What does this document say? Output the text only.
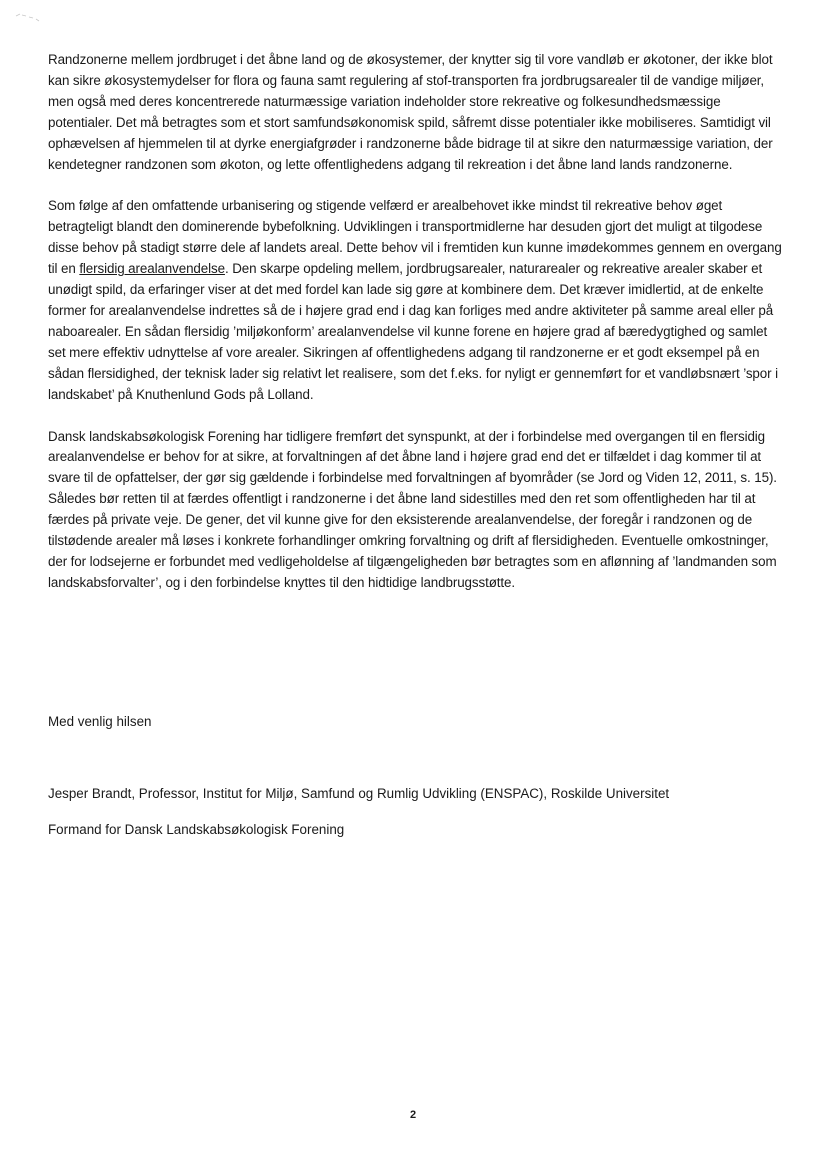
Randzonerne mellem jordbruget i det åbne land og de økosystemer, der knytter sig til vore vandløb er økotoner, der ikke blot kan sikre økosystemydelser for flora og fauna samt regulering af stof-transporten fra jordbrugsarealer til de vandige miljøer, men også med deres koncentrerede naturmæssige variation indeholder store rekreative og folkesundhedsmæssige potentialer. Det må betragtes som et stort samfundsøkonomisk spild, såfremt disse potentialer ikke mobiliseres. Samtidigt vil ophævelsen af hjemmelen til at dyrke energiafgrøder i randzonerne både bidrage til at sikre den naturmæssige variation, der kendetegner randzonen som økoton, og lette offentlighedens adgang til rekreation i det åbne land lands randzonerne.

Som følge af den omfattende urbanisering og stigende velfærd er arealbehovet ikke mindst til rekreative behov øget betragteligt blandt den dominerende bybefolkning. Udviklingen i transportmidlerne har desuden gjort det muligt at tilgodese disse behov på stadigt større dele af landets areal. Dette behov vil i fremtiden kun kunne imødekommes gennem en overgang til en flersidig arealanvendelse. Den skarpe opdeling mellem, jordbrugsarealer, naturarealer og rekreative arealer skaber et unødigt spild, da erfaringer viser at det med fordel kan lade sig gøre at kombinere dem. Det kræver imidlertid, at de enkelte former for arealanvendelse indrettes så de i højere grad end i dag kan forliges med andre aktiviteter på samme areal eller på naboarealer. En sådan flersidig ’miljøkonform’ arealanvendelse vil kunne forene en højere grad af bæredygtighed og samlet set mere effektiv udnyttelse af vore arealer. Sikringen af offentlighedens adgang til randzonerne er et godt eksempel på en sådan flersidighed, der teknisk lader sig relativt let realisere, som det f.eks. for nyligt er gennemført for et vandløbsnært ’spor i landskabet’ på Knuthenlund Gods på Lolland.

Dansk landskabsøkologisk Forening har tidligere fremført det synspunkt, at der i forbindelse med overgangen til en flersidig arealanvendelse er behov for at sikre, at forvaltningen af det åbne land i højere grad end det er tilfældet i dag kommer til at svare til de opfattelser, der gør sig gældende i forbindelse med forvaltningen af byområder (se Jord og Viden 12, 2011, s. 15). Således bør retten til at færdes offentligt i randzonerne i det åbne land sidestilles med den ret som offentligheden har til at færdes på private veje. De gener, det vil kunne give for den eksisterende arealanvendelse, der foregår i randzonen og de tilstødende arealer må løses i konkrete forhandlinger omkring forvaltning og drift af flersidigheden. Eventuelle omkostninger, der for lodsejerne er forbundet med vedligeholdelse af tilgængeligheden bør betragtes som en aflønning af ’landmanden som landskabsforvalter’, og i den forbindelse knyttes til den hidtidige landbrugsstøtte.

Med venlig hilsen
Jesper Brandt, Professor, Institut for Miljø, Samfund og Rumlig Udvikling (ENSPAC), Roskilde Universitet
Formand for Dansk Landskabsøkologisk Forening
2
